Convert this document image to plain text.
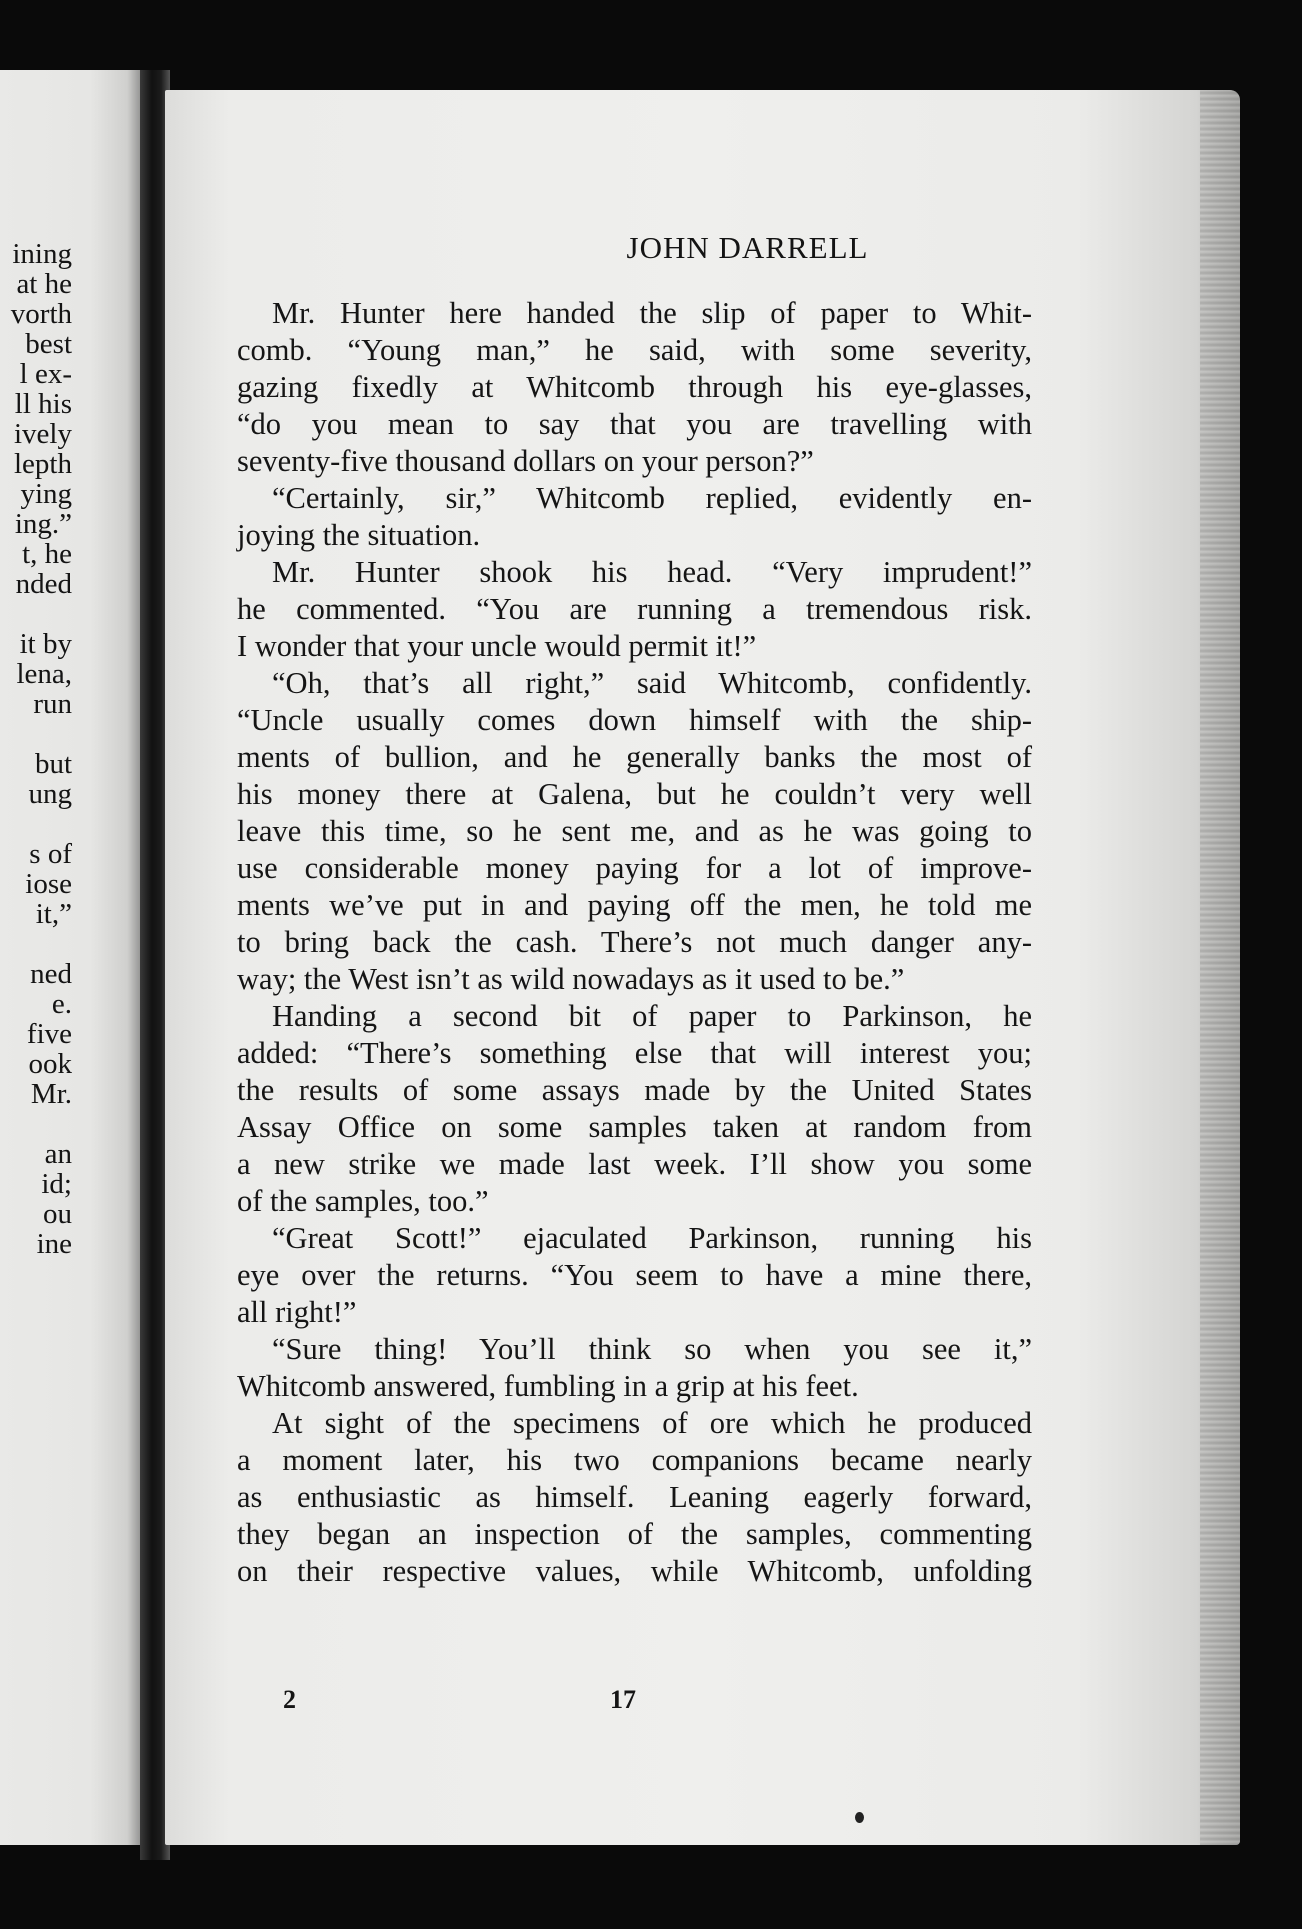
ining
at he
vorth
best
l ex-
ll his
ively
lepth
ying
ing.”
t, he
nded
it by
lena,
run
but
ung
s of
iose
it,”
ned
e.
five
ook
Mr.
an
id;
ou
ine
JOHN DARRELL
Mr. Hunter here handed the slip of paper to Whit-
comb. “Young man,” he said, with some severity,
gazing fixedly at Whitcomb through his eye-glasses,
“do you mean to say that you are travelling with
seventy-five thousand dollars on your person?”
“Certainly, sir,” Whitcomb replied, evidently en-
joying the situation.
Mr. Hunter shook his head. “Very imprudent!”
he commented. “You are running a tremendous risk.
I wonder that your uncle would permit it!”
“Oh, that’s all right,” said Whitcomb, confidently.
“Uncle usually comes down himself with the ship-
ments of bullion, and he generally banks the most of
his money there at Galena, but he couldn’t very well
leave this time, so he sent me, and as he was going to
use considerable money paying for a lot of improve-
ments we’ve put in and paying off the men, he told me
to bring back the cash. There’s not much danger any-
way; the West isn’t as wild nowadays as it used to be.”
Handing a second bit of paper to Parkinson, he
added: “There’s something else that will interest you;
the results of some assays made by the United States
Assay Office on some samples taken at random from
a new strike we made last week. I’ll show you some
of the samples, too.”
“Great Scott!” ejaculated Parkinson, running his
eye over the returns. “You seem to have a mine there,
all right!”
“Sure thing! You’ll think so when you see it,”
Whitcomb answered, fumbling in a grip at his feet.
At sight of the specimens of ore which he produced
a moment later, his two companions became nearly
as enthusiastic as himself. Leaning eagerly forward,
they began an inspection of the samples, commenting
on their respective values, while Whitcomb, unfolding
2	17
